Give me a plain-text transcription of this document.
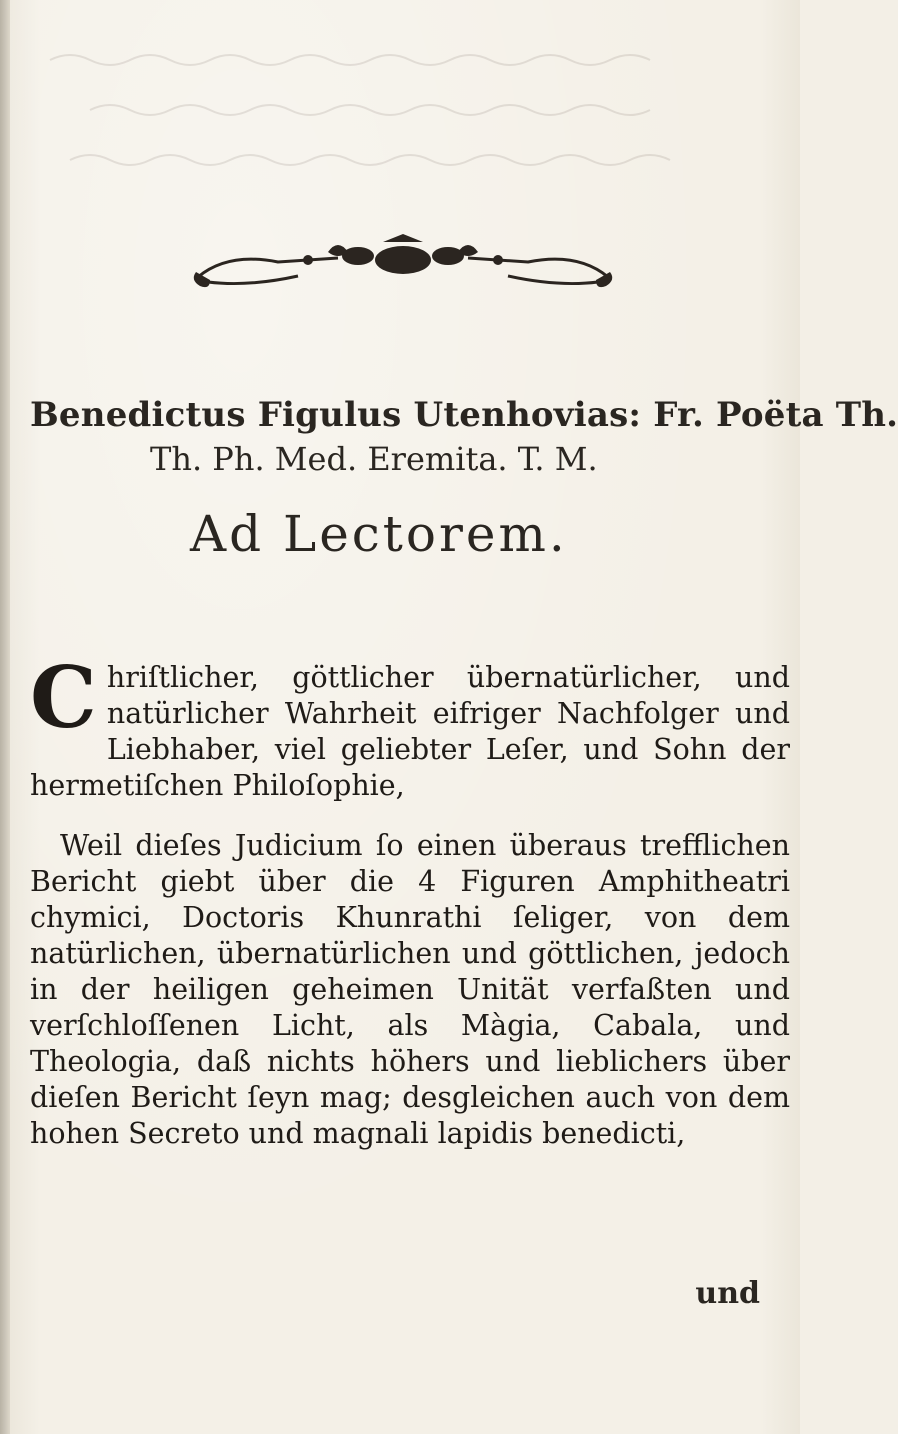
Benedictus Figulus Utenhovias: Fr. Poëta Th.
Th. Ph. Med. Eremita. T. M.
Ad Lectorem.

C hriſtlicher, göttlicher übernatürlicher, und natürlicher Wahrheit eifriger Nachfolger und Liebhaber, viel geliebter Leſer, und Sohn der hermetiſchen Philoſophie,

Weil dieſes Judicium ſo einen überaus trefflichen Bericht giebt über die 4 Figuren Amphitheatri chymici, Doctoris Khunrathi ſeliger, von dem natürlichen, übernatürlichen und göttlichen, jedoch in der heiligen geheimen Unität verfaßten und verſchloſſenen Licht, als Màgia, Cabala, und Theologia, daß nichts höhers und lieblichers über dieſen Bericht ſeyn mag; desgleichen auch von dem hohen Secreto und magnali lapidis benedicti,

und
